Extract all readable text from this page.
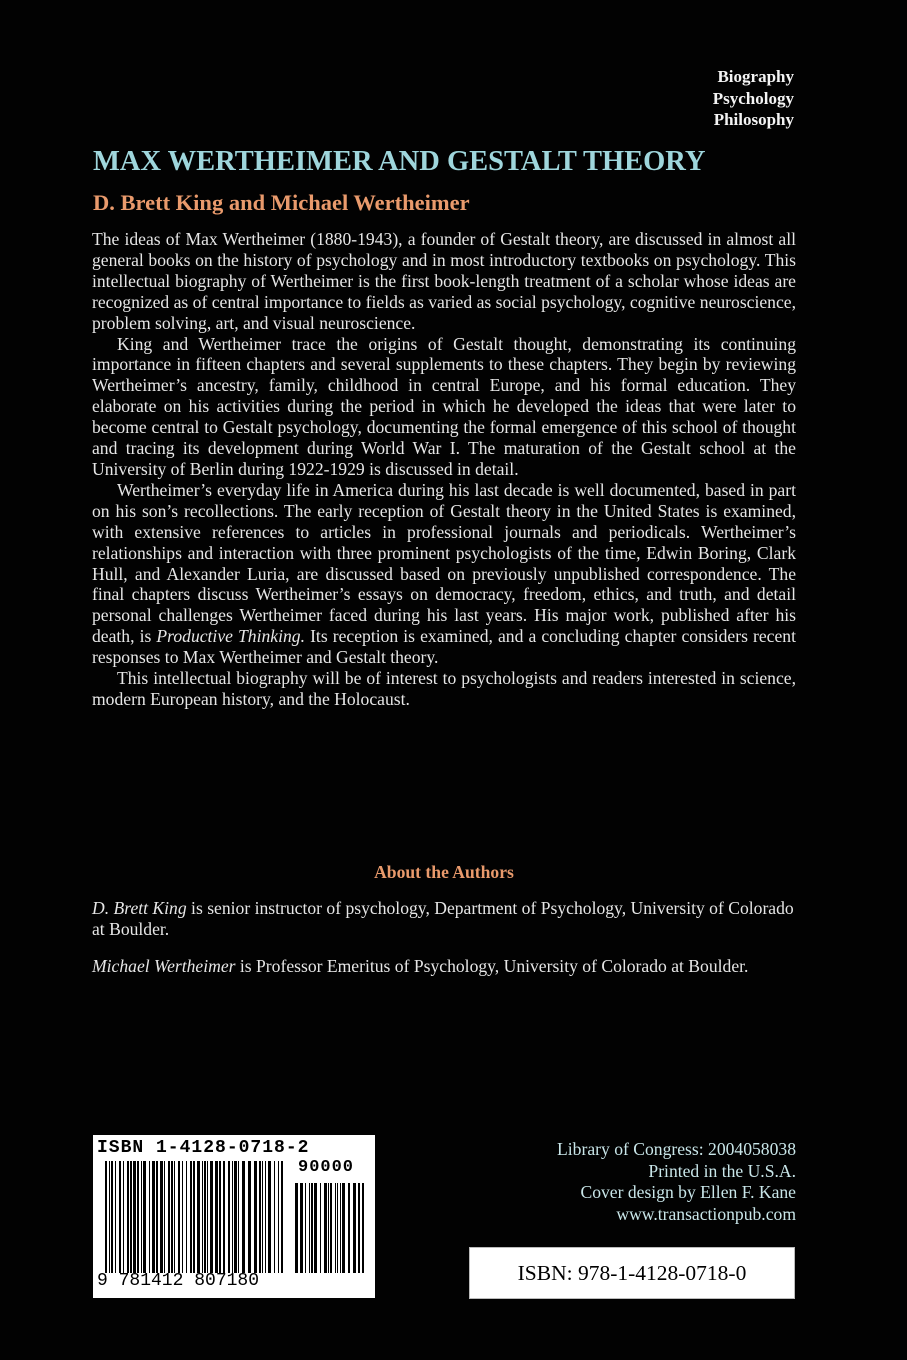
Biography
Psychology
Philosophy
MAX WERTHEIMER AND GESTALT THEORY
D. Brett King and Michael Wertheimer

The ideas of Max Wertheimer (1880-1943), a founder of Gestalt theory, are discussed in almost all general books on the history of psychology and in most introductory textbooks on psychology. This intellectual biography of Wertheimer is the first book-length treatment of a scholar whose ideas are recognized as of central importance to fields as varied as social psychology, cognitive neuroscience, problem solving, art, and visual neuroscience.

King and Wertheimer trace the origins of Gestalt thought, demonstrating its continuing importance in fifteen chapters and several supplements to these chapters. They begin by reviewing Wertheimer’s ancestry, family, childhood in central Europe, and his formal education. They elaborate on his activities during the period in which he developed the ideas that were later to become central to Gestalt psychology, documenting the formal emergence of this school of thought and tracing its development during World War I. The maturation of the Gestalt school at the University of Berlin during 1922-1929 is discussed in detail.

Wertheimer’s everyday life in America during his last decade is well documented, based in part on his son’s recollections. The early reception of Gestalt theory in the United States is examined, with extensive references to articles in professional journals and periodicals. Wertheimer’s relationships and interaction with three prominent psychologists of the time, Edwin Boring, Clark Hull, and Alexander Luria, are discussed based on previously unpublished correspondence. The final chapters discuss Wertheimer’s essays on democracy, freedom, ethics, and truth, and detail personal challenges Wertheimer faced during his last years. His major work, published after his death, is Productive Thinking. Its reception is examined, and a concluding chapter considers recent responses to Max Wertheimer and Gestalt theory.

This intellectual biography will be of interest to psychologists and readers interested in science, modern European history, and the Holocaust.

About the Authors

D. Brett King is senior instructor of psychology, Department of Psychology, University of Colorado at Boulder.

Michael Wertheimer is Professor Emeritus of Psychology, University of Colorado at Boulder.

ISBN 1-4128-0718-2

90000
9 781412 807180
Library of Congress: 2004058038
Printed in the U.S.A.
Cover design by Ellen F. Kane
www.transactionpub.com
ISBN: 978-1-4128-0718-0
